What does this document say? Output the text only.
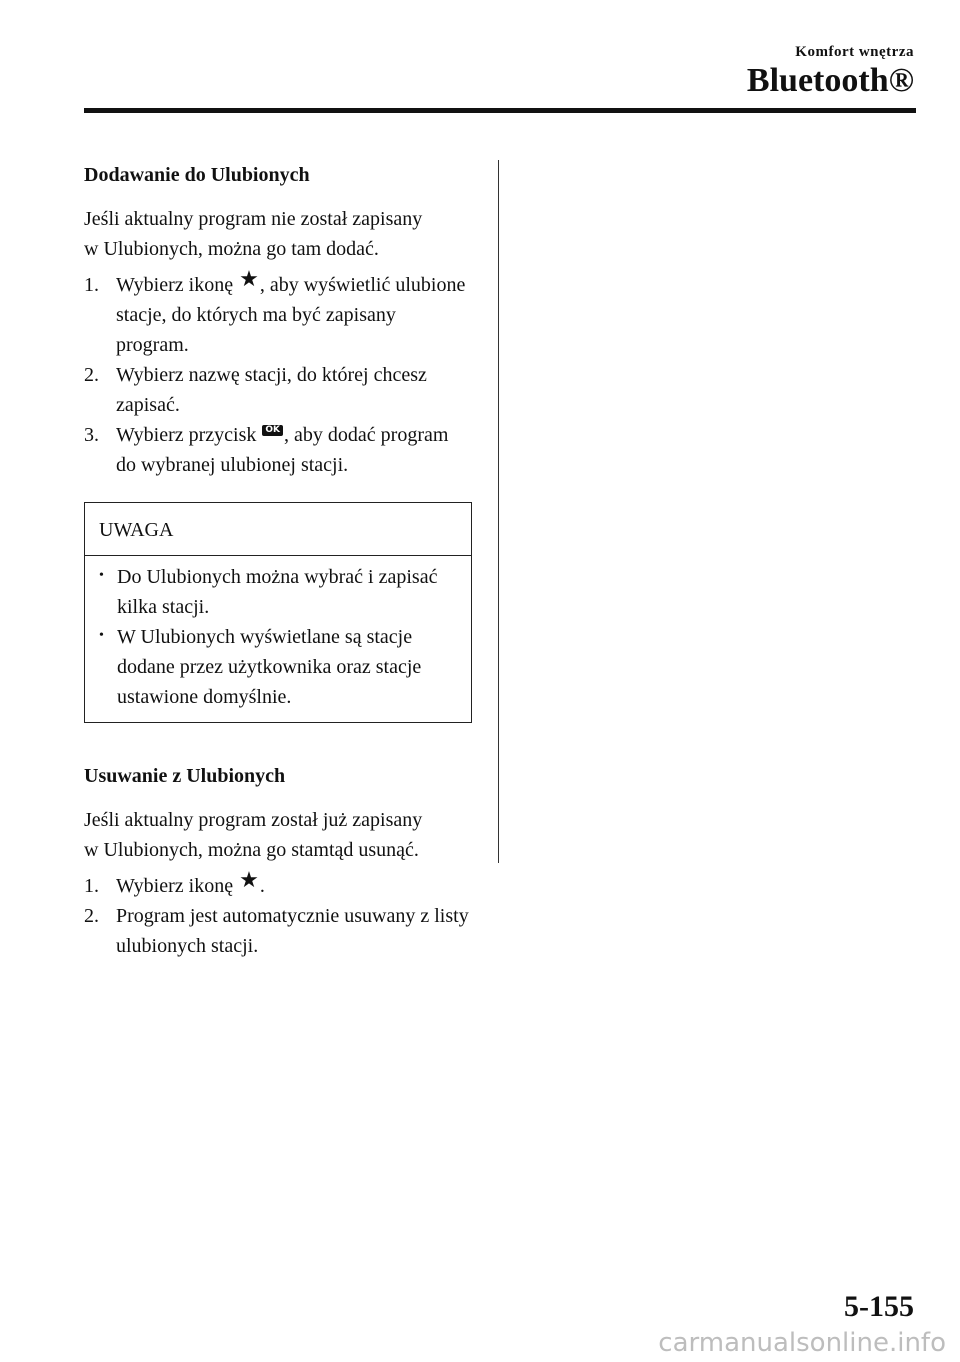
Komfort wnętrza
Bluetooth®
Dodawanie do Ulubionych
Jeśli aktualny program nie został zapisany
w Ulubionych, można go tam dodać.
1. Wybierz ikonę ★, aby wyświetlić ulubione stacje, do których ma być zapisany program.
2. Wybierz nazwę stacji, do której chcesz zapisać.
3. Wybierz przycisk OK , aby dodać program do wybranej ulubionej stacji.
UWAGA
• Do Ulubionych można wybrać i zapisać kilka stacji.
• W Ulubionych wyświetlane są stacje dodane przez użytkownika oraz stacje ustawione domyślnie.
Usuwanie z Ulubionych
Jeśli aktualny program został już zapisany
w Ulubionych, można go stamtąd usunąć.
1. Wybierz ikonę ★.
2. Program jest automatycznie usuwany z listy ulubionych stacji.
5-155
carmanualsonline.info
